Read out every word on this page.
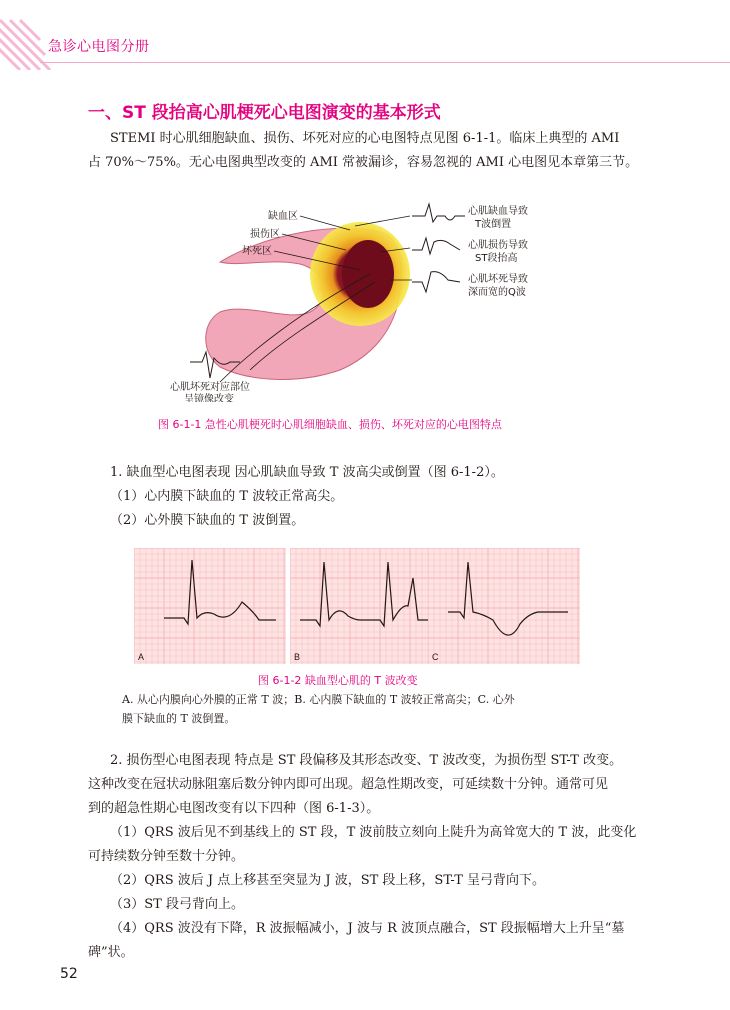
急诊心电图分册
一、ST 段抬高心肌梗死心电图演变的基本形式
STEMI 时心肌细胞缺血、损伤、坏死对应的心电图特点见图 6-1-1。临床上典型的 AMI
占 70%～75%。无心电图典型改变的 AMI 常被漏诊，容易忽视的 AMI 心电图见本章第三节。
缺血区
损伤区
坏死区
心肌缺血导致
T波倒置
心肌损伤导致
ST段抬高
心肌坏死导致
深而宽的Q波
心肌坏死对应部位
呈镜像改变
图 6-1-1 急性心肌梗死时心肌细胞缺血、损伤、坏死对应的心电图特点
1. 缺血型心电图表现 因心肌缺血导致 T 波高尖或倒置（图 6-1-2）。
（1）心内膜下缺血的 T 波较正常高尖。
（2）心外膜下缺血的 T 波倒置。
A	B	C
图 6-1-2 缺血型心肌的 T 波改变
A. 从心内膜向心外膜的正常 T 波；B. 心内膜下缺血的 T 波较正常高尖；C. 心外
膜下缺血的 T 波倒置。
2. 损伤型心电图表现 特点是 ST 段偏移及其形态改变、T 波改变，为损伤型 ST-T 改变。
这种改变在冠状动脉阻塞后数分钟内即可出现。超急性期改变，可延续数十分钟。通常可见
到的超急性期心电图改变有以下四种（图 6-1-3）。
（1）QRS 波后见不到基线上的 ST 段，T 波前肢立刻向上陡升为高耸宽大的 T 波，此变化
可持续数分钟至数十分钟。
（2）QRS 波后 J 点上移甚至突显为 J 波，ST 段上移，ST-T 呈弓背向下。
（3）ST 段弓背向上。
（4）QRS 波没有下降，R 波振幅减小，J 波与 R 波顶点融合，ST 段振幅增大上升呈“墓
碑”状。
52
